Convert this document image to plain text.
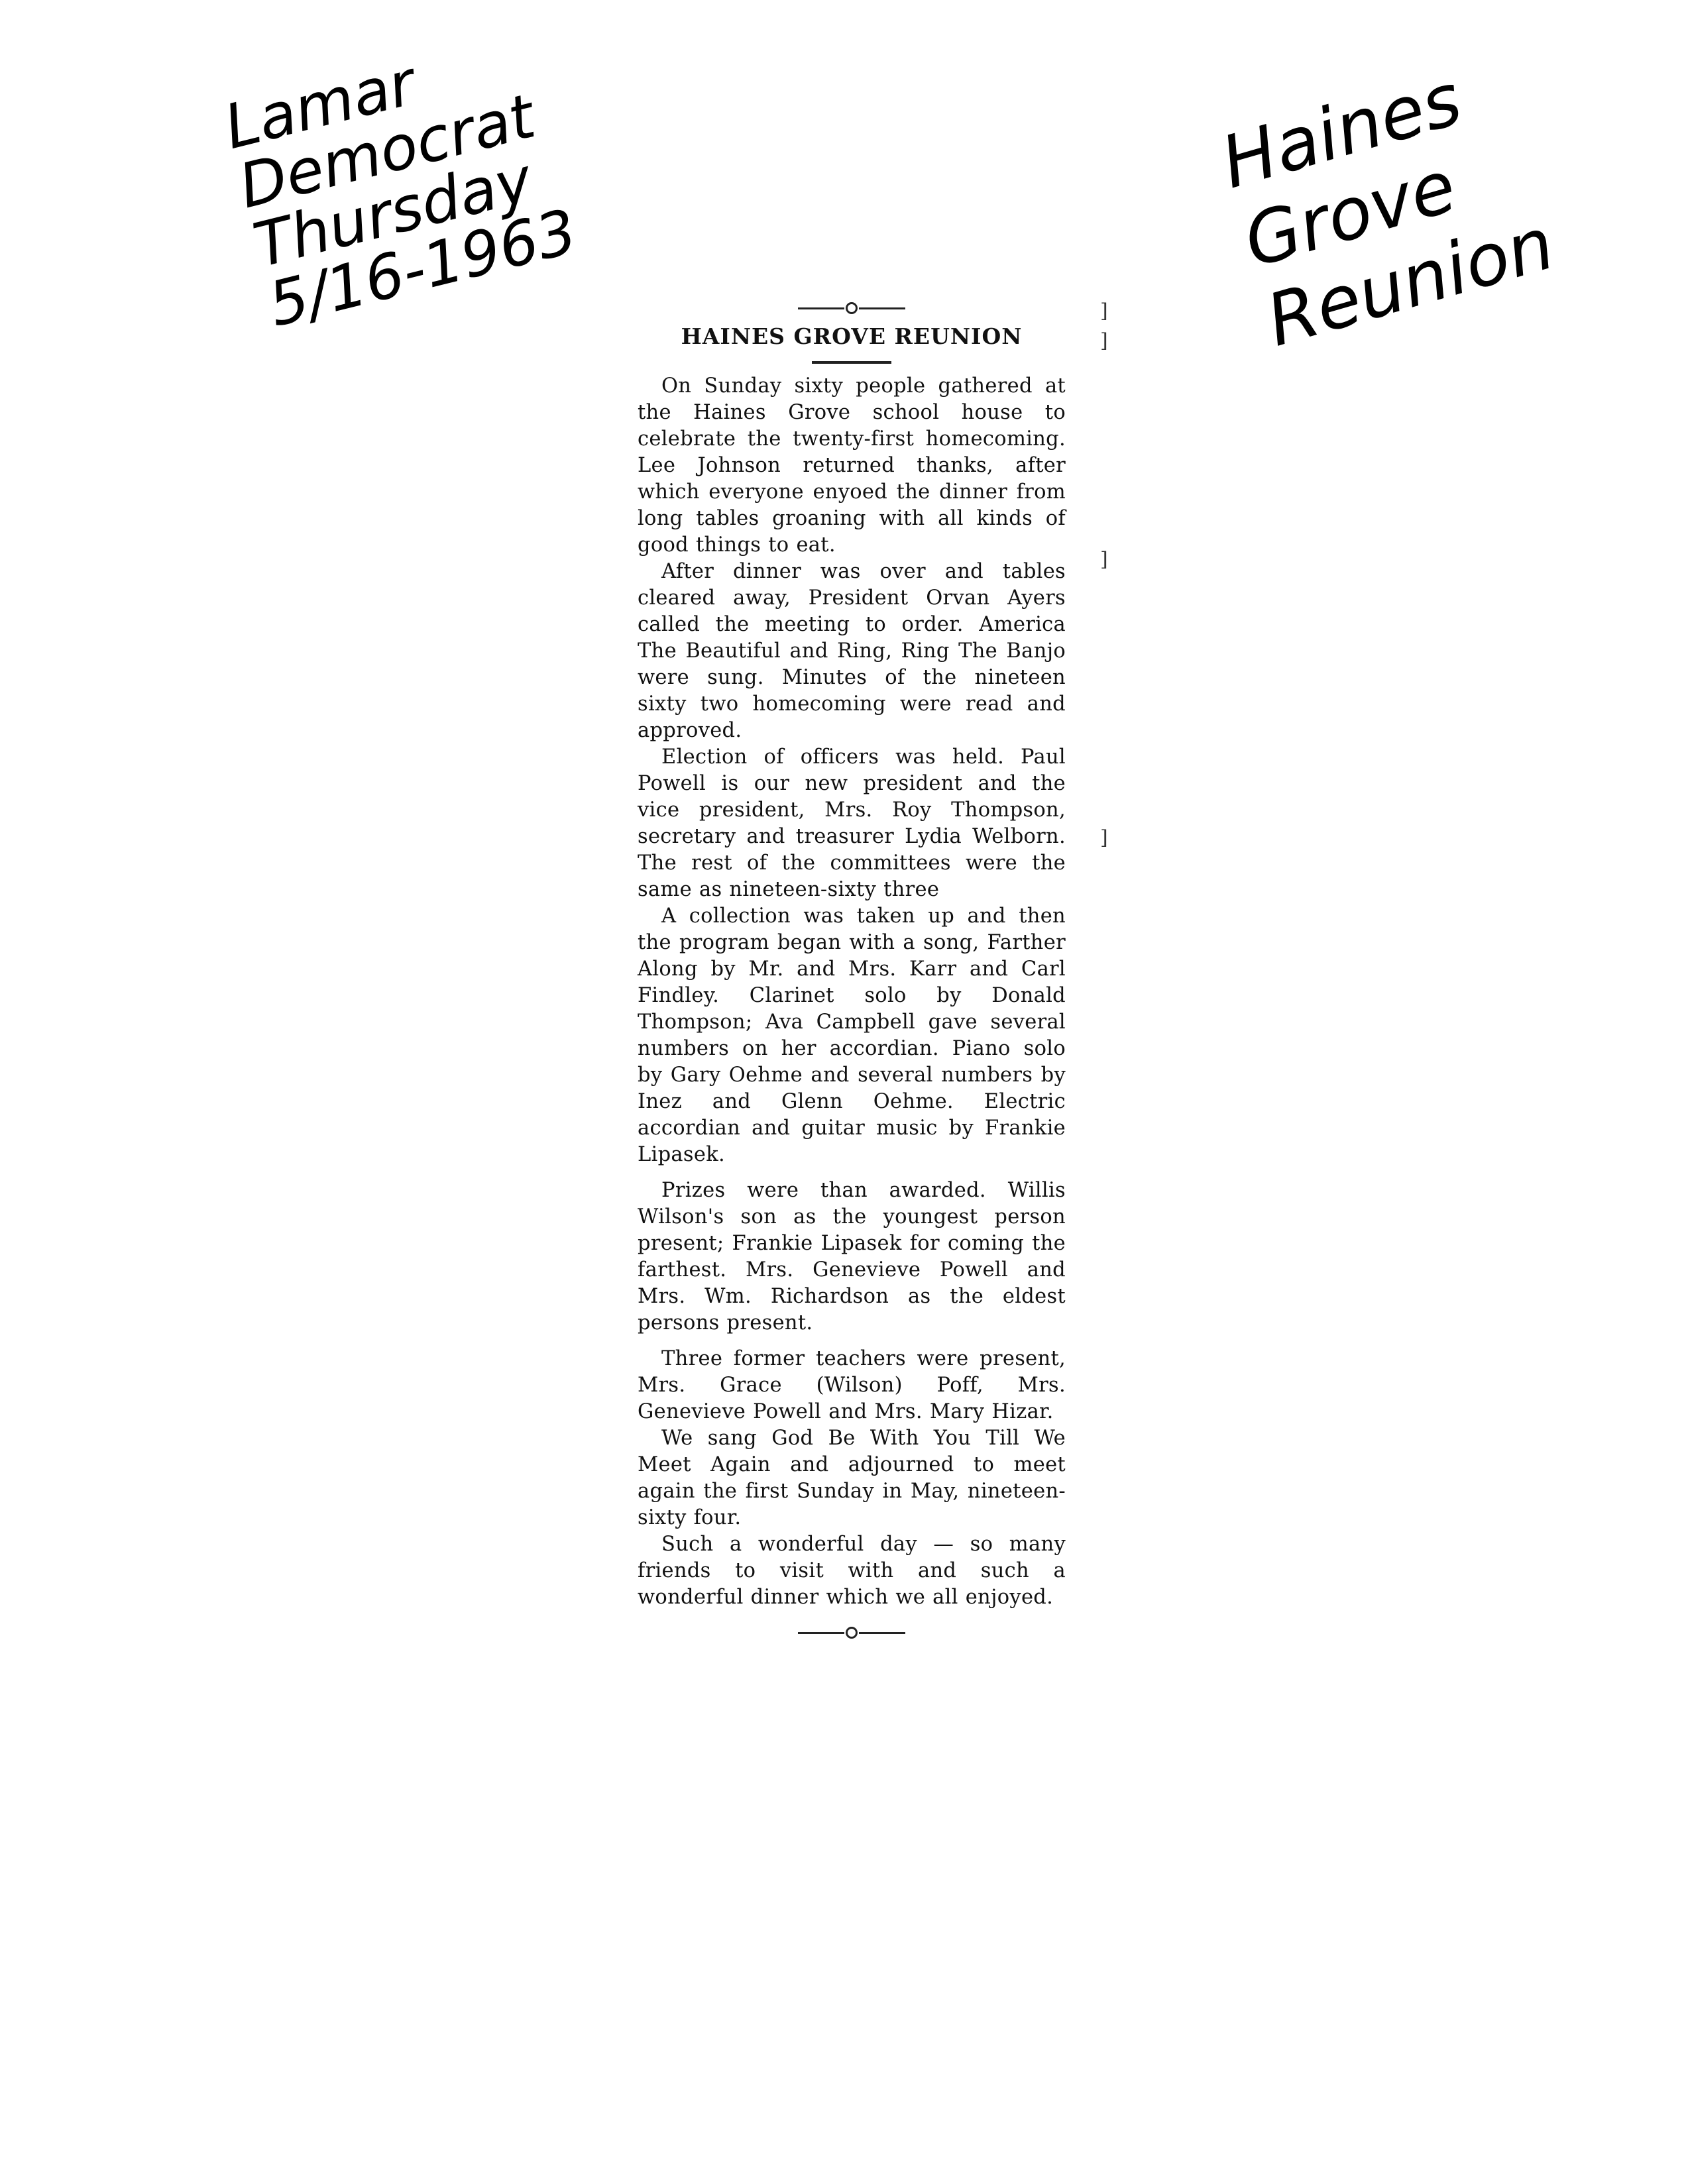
Lamar
Democrat
Thursday
5/16-1963
Haines
Grove
Reunion
HAINES GROVE REUNION

On Sunday sixty people gathered at the Haines Grove school house to celebrate the twenty-first homecoming. Lee Johnson returned thanks, after which everyone enyoed the dinner from long tables groaning with all kinds of good things to eat.

After dinner was over and tables cleared away, President Orvan Ayers called the meeting to order. America The Beautiful and Ring, Ring The Banjo were sung. Minutes of the nineteen sixty two homecoming were read and approved.

Election of officers was held. Paul Powell is our new president and the vice president, Mrs. Roy Thompson, secretary and treasurer Lydia Welborn. The rest of the committees were the same as nineteen-sixty three

A collection was taken up and then the program began with a song, Farther Along by Mr. and Mrs. Karr and Carl Findley. Clarinet solo by Donald Thompson; Ava Campbell gave several numbers on her accordian. Piano solo by Gary Oehme and several numbers by Inez and Glenn Oehme. Electric accordian and guitar music by Frankie Lipasek.

Prizes were than awarded. Willis Wilson's son as the youngest person present; Frankie Lipasek for coming the farthest. Mrs. Genevieve Powell and Mrs. Wm. Richardson as the eldest persons present.

Three former teachers were present, Mrs. Grace (Wilson) Poff, Mrs. Genevieve Powell and Mrs. Mary Hizar.

We sang God Be With You Till We Meet Again and adjourned to meet again the first Sunday in May, nineteen-sixty four.

Such a wonderful day — so many friends to visit with and such a wonderful dinner which we all enjoyed.

]
]
]
]
